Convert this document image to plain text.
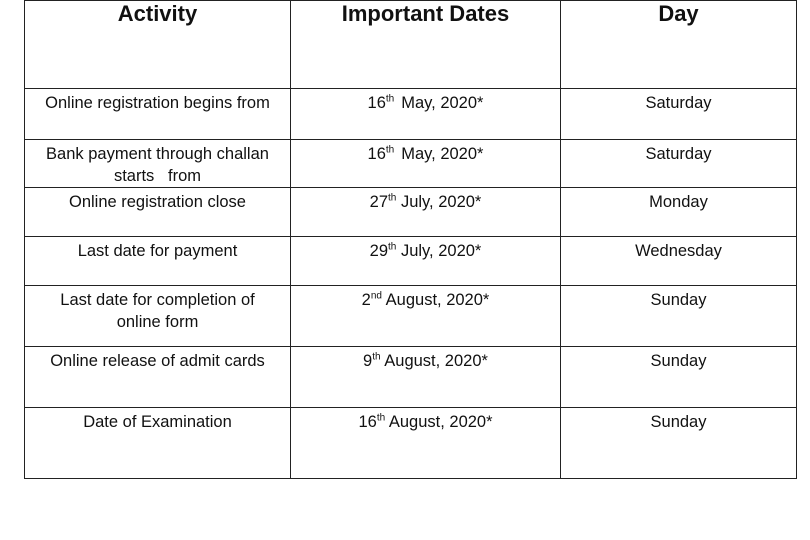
Activity	Important Dates	Day

Online registration begins from	16th May, 2020*	Saturday

Bank payment through challan
starts   from	16th May, 2020*	Saturday

Online registration close	27th July, 2020*	Monday

Last date for payment	29th July, 2020*	Wednesday

Last date for completion of
online form	2nd August, 2020*	Sunday

Online release of admit cards	9th August, 2020*	Sunday

Date of Examination	16th August, 2020*	Sunday
